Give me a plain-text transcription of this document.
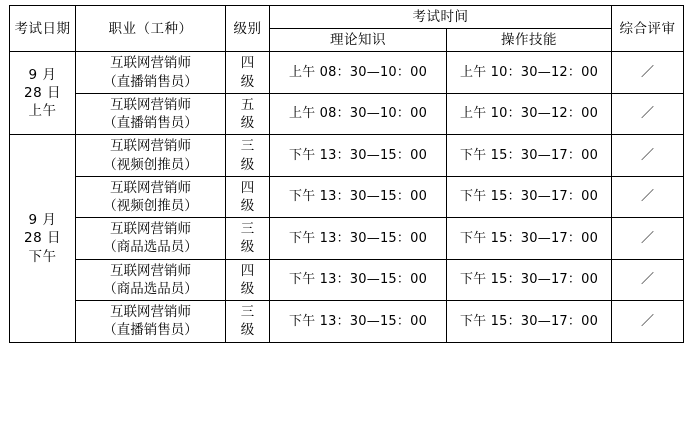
考试日期	职业（工种）	级别	考试时间		综合评审
			理论知识	操作技能	

9 月
28 日
上午	互联网营销师
（直播销售员）	四
级	上午 08：30—10：00	上午 10：30—12：00	／

	互联网营销师
（直播销售员）	五
级	上午 08：30—10：00	上午 10：30—12：00	／

9 月
28 日
下午	互联网营销师
（视频创推员）	三
级	下午 13：30—15：00	下午 15：30—17：00	／

	互联网营销师
（视频创推员）	四
级	下午 13：30—15：00	下午 15：30—17：00	／

	互联网营销师
（商品选品员）	三
级	下午 13：30—15：00	下午 15：30—17：00	／

	互联网营销师
（商品选品员）	四
级	下午 13：30—15：00	下午 15：30—17：00	／

	互联网营销师
（直播销售员）	三
级	下午 13：30—15：00	下午 15：30—17：00	／
